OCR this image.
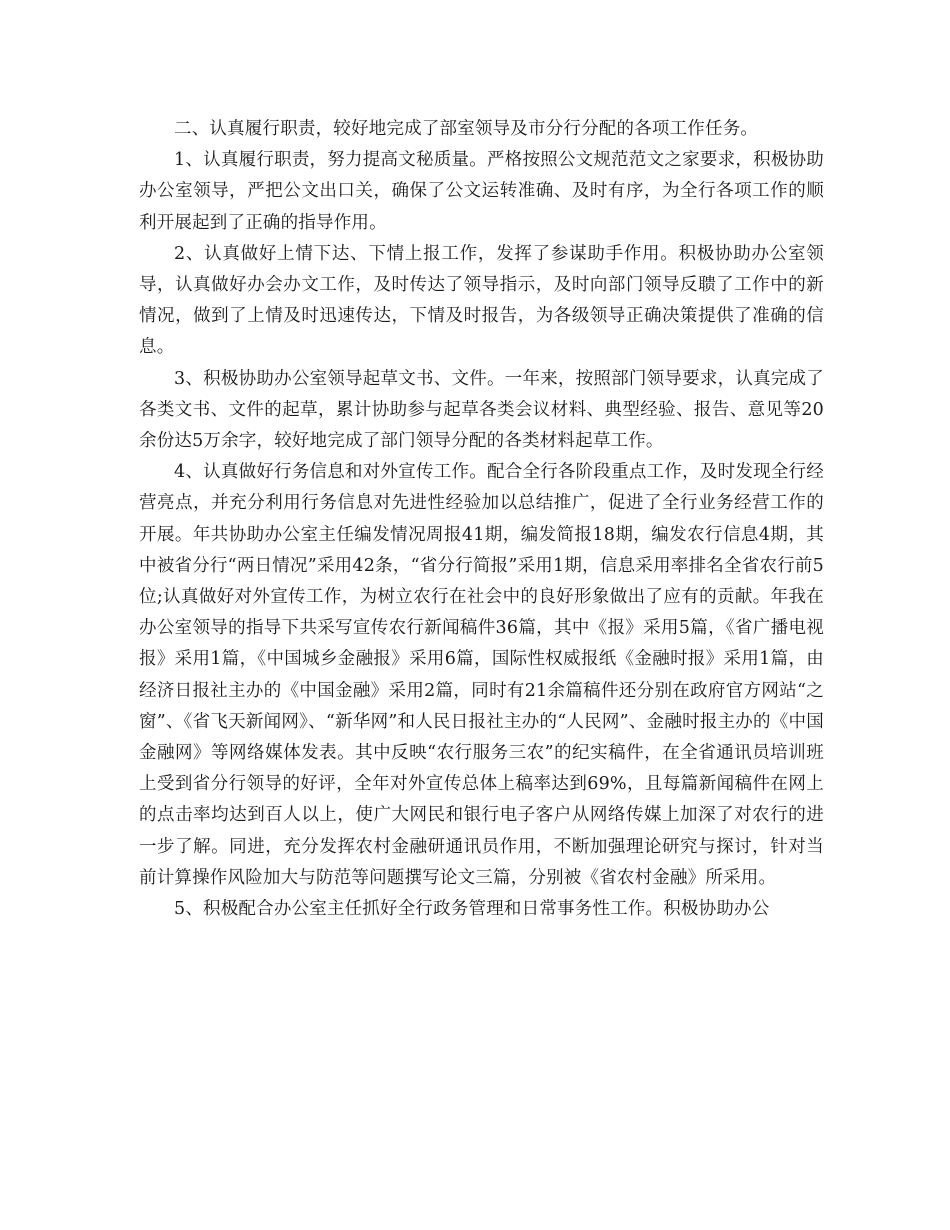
二、认真履行职责，较好地完成了部室领导及市分行分配的各项工作任务。

1、认真履行职责，努力提高文秘质量。严格按照公文规范范文之家要求，积极协助办公室领导，严把公文出口关，确保了公文运转准确、及时有序，为全行各项工作的顺利开展起到了正确的指导作用。

2、认真做好上情下达、下情上报工作，发挥了参谋助手作用。积极协助办公室领导，认真做好办会办文工作，及时传达了领导指示，及时向部门领导反聩了工作中的新情况，做到了上情及时迅速传达，下情及时报告，为各级领导正确决策提供了准确的信息。

3、积极协助办公室领导起草文书、文件。一年来，按照部门领导要求，认真完成了各类文书、文件的起草，累计协助参与起草各类会议材料、典型经验、报告、意见等20余份达5万余字，较好地完成了部门领导分配的各类材料起草工作。

4、认真做好行务信息和对外宣传工作。配合全行各阶段重点工作，及时发现全行经营亮点，并充分利用行务信息对先进性经验加以总结推广，促进了全行业务经营工作的开展。年共协助办公室主任编发情况周报41期，编发简报18期，编发农行信息4期，其中被省分行“两日情况”采用42条，“省分行简报”采用1期，信息采用率排名全省农行前5位;认真做好对外宣传工作，为树立农行在社会中的良好形象做出了应有的贡献。年我在办公室领导的指导下共采写宣传农行新闻稿件36篇，其中《报》采用5篇，《省广播电视报》采用1篇，《中国城乡金融报》采用6篇，国际性权威报纸《金融时报》采用1篇，由经济日报社主办的《中国金融》采用2篇，同时有21余篇稿件还分别在政府官方网站“之窗”、《省飞天新闻网》、“新华网”和人民日报社主办的“人民网”、金融时报主办的《中国金融网》等网络媒体发表。其中反映“农行服务三农”的纪实稿件，在全省通讯员培训班上受到省分行领导的好评，全年对外宣传总体上稿率达到69%，且每篇新闻稿件在网上的点击率均达到百人以上，使广大网民和银行电子客户从网络传媒上加深了对农行的进一步了解。同进，充分发挥农村金融研通讯员作用，不断加强理论研究与探讨，针对当前计算操作风险加大与防范等问题撰写论文三篇，分别被《省农村金融》所采用。

5、积极配合办公室主任抓好全行政务管理和日常事务性工作。积极协助办公
